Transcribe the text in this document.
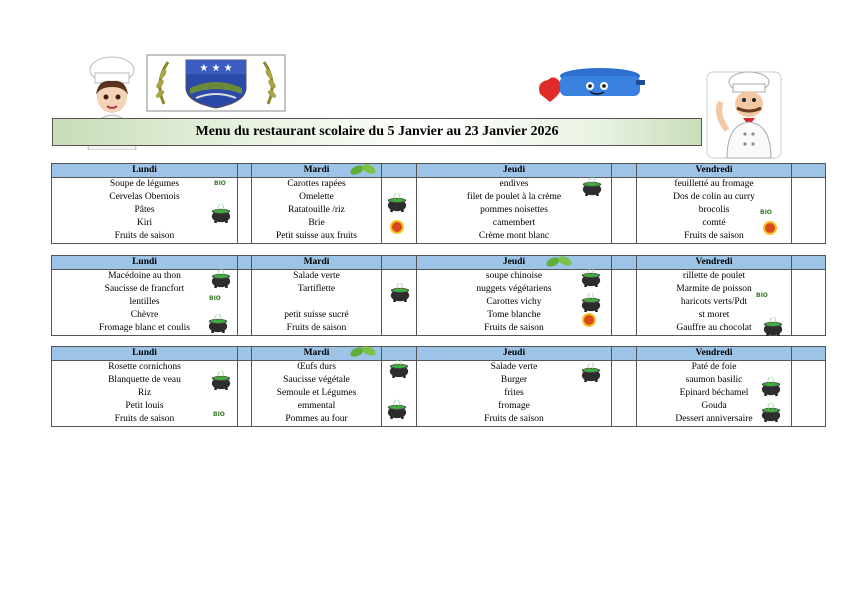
★ ★ ★
Menu du restaurant scolaire du 5 Janvier au 23 Janvier 2026
Lundi		Mardi		Jeudi		Vendredi	
Soupe de légumes		Carottes rapées		endives		feuilletté au fromage	
Cervelas Obernois		Omelette		filet de poulet à la crème		Dos de colin au curry	
Pâtes		Ratatouille /riz		pommes noisettes		brocolis	
Kiri		Brie		camembert		comté	
Fruits de saison		Petit suisse aux fruits		Crème mont blanc		Fruits de saison	
Lundi		Mardi		Jeudi		Vendredi	
Macédoine au thon		Salade verte		soupe chinoise		rillette de poulet	
Saucisse de francfort		Tartiflette		nuggets végétariens		Marmite de poisson	
lentilles				Carottes vichy		haricots verts/Pdt	
Chèvre		petit suisse sucré		Tome blanche		st moret	
Fromage blanc et coulis		Fruits de saison		Fruits de saison		Gauffre au chocolat	
Lundi		Mardi		Jeudi		Vendredi	
Rosette cornichons		Œufs durs		Salade verte		Paté de foie	
Blanquette de veau		Saucisse végétale		Burger		saumon basilic	
Riz		Semoule et Légumes		frites		Epinard béchamel	
Petit louis		emmental		fromage		Gouda	
Fruits de saison		Pommes au four		Fruits de saison		Dessert anniversaire	
BIO
BIO
BIO	BIO
BIO
